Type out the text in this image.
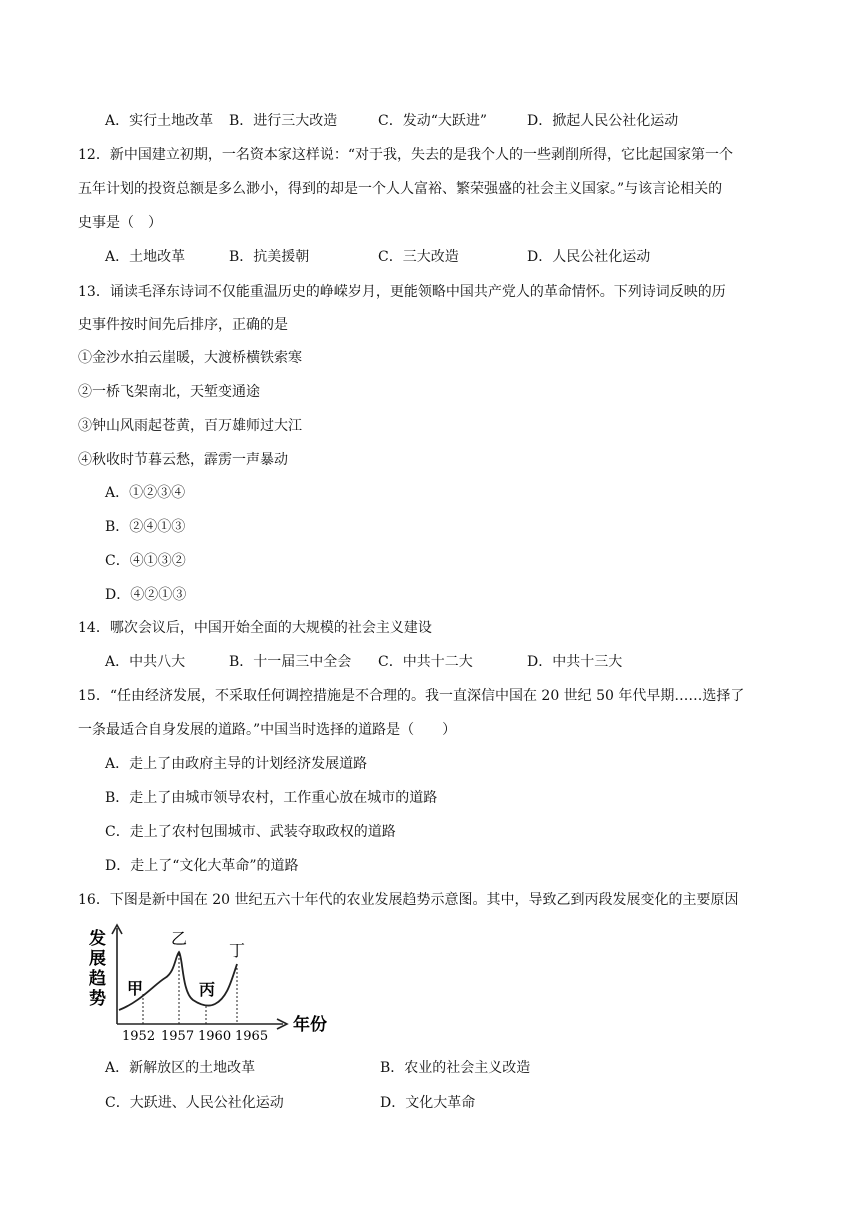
A．实行土地改革 B．进行三大改造	C．发动“大跃进”	D．掀起人民公社化运动
12．新中国建立初期，一名资本家这样说：“对于我，失去的是我个人的一些剥削所得，它比起国家第一个
五年计划的投资总额是多么渺小，得到的却是一个人人富裕、繁荣强盛的社会主义国家。”与该言论相关的
史事是（　）
A．土地改革	B．抗美援朝	C．三大改造	D．人民公社化运动
13．诵读毛泽东诗词不仅能重温历史的峥嵘岁月，更能领略中国共产党人的革命情怀。下列诗词反映的历
史事件按时间先后排序，正确的是
①金沙水拍云崖暖，大渡桥横铁索寒
②一桥飞架南北，天堑变通途
③钟山风雨起苍黄，百万雄师过大江
④秋收时节暮云愁，霹雳一声暴动
A．①②③④
B．②④①③
C．④①③②
D．④②①③
14．哪次会议后，中国开始全面的大规模的社会主义建设
A．中共八大	B．十一届三中全会 C．中共十二大	D．中共十三大
15．“任由经济发展，不采取任何调控措施是不合理的。我一直深信中国在 20 世纪 50 年代早期……选择了
一条最适合自身发展的道路。”中国当时选择的道路是（　　）
A．走上了由政府主导的计划经济发展道路
B．走上了由城市领导农村，工作重心放在城市的道路
C．走上了农村包围城市、武装夺取政权的道路
D．走上了“文化大革命”的道路
16．下图是新中国在 20 世纪五六十年代的农业发展趋势示意图。其中，导致乙到丙段发展变化的主要原因
发
展
趋
势
甲
乙
丙
丁
1952 1957 1960 1965
年份
A．新解放区的土地改革	B．农业的社会主义改造
C．大跃进、人民公社化运动	D．文化大革命
